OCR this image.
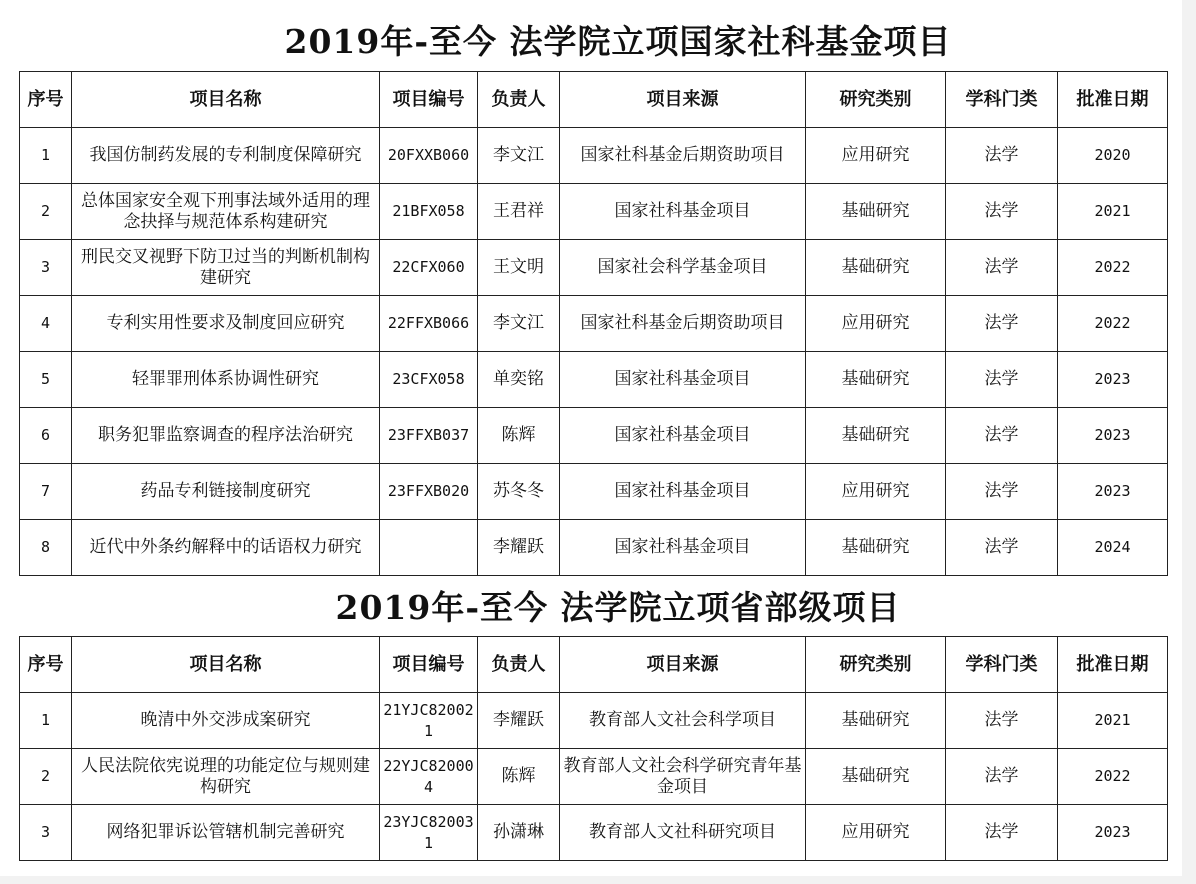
2019年-至今 法学院立项国家社科基金项目
序号	项目名称	项目编号	负责人	项目来源	研究类别	学科门类	批准日期
1	我国仿制药发展的专利制度保障研究	20FXXB060	李文江	国家社科基金后期资助项目	应用研究	法学	2020
2	总体国家安全观下刑事法域外适用的理念抉择与规范体系构建研究	21BFX058	王君祥	国家社科基金项目	基础研究	法学	2021
3	刑民交叉视野下防卫过当的判断机制构建研究	22CFX060	王文明	国家社会科学基金项目	基础研究	法学	2022
4	专利实用性要求及制度回应研究	22FFXB066	李文江	国家社科基金后期资助项目	应用研究	法学	2022
5	轻罪罪刑体系协调性研究	23CFX058	单奕铭	国家社科基金项目	基础研究	法学	2023
6	职务犯罪监察调查的程序法治研究	23FFXB037	陈辉	国家社科基金项目	基础研究	法学	2023
7	药品专利链接制度研究	23FFXB020	苏冬冬	国家社科基金项目	应用研究	法学	2023
8	近代中外条约解释中的话语权力研究		李耀跃	国家社科基金项目	基础研究	法学	2024
2019年-至今 法学院立项省部级项目
序号	项目名称	项目编号	负责人	项目来源	研究类别	学科门类	批准日期
1	晚清中外交涉成案研究	21YJC820021	李耀跃	教育部人文社会科学项目	基础研究	法学	2021
2	人民法院依宪说理的功能定位与规则建构研究	22YJC820004	陈辉	教育部人文社会科学研究青年基金项目	基础研究	法学	2022
3	网络犯罪诉讼管辖机制完善研究	23YJC820031	孙潇琳	教育部人文社科研究项目	应用研究	法学	2023
